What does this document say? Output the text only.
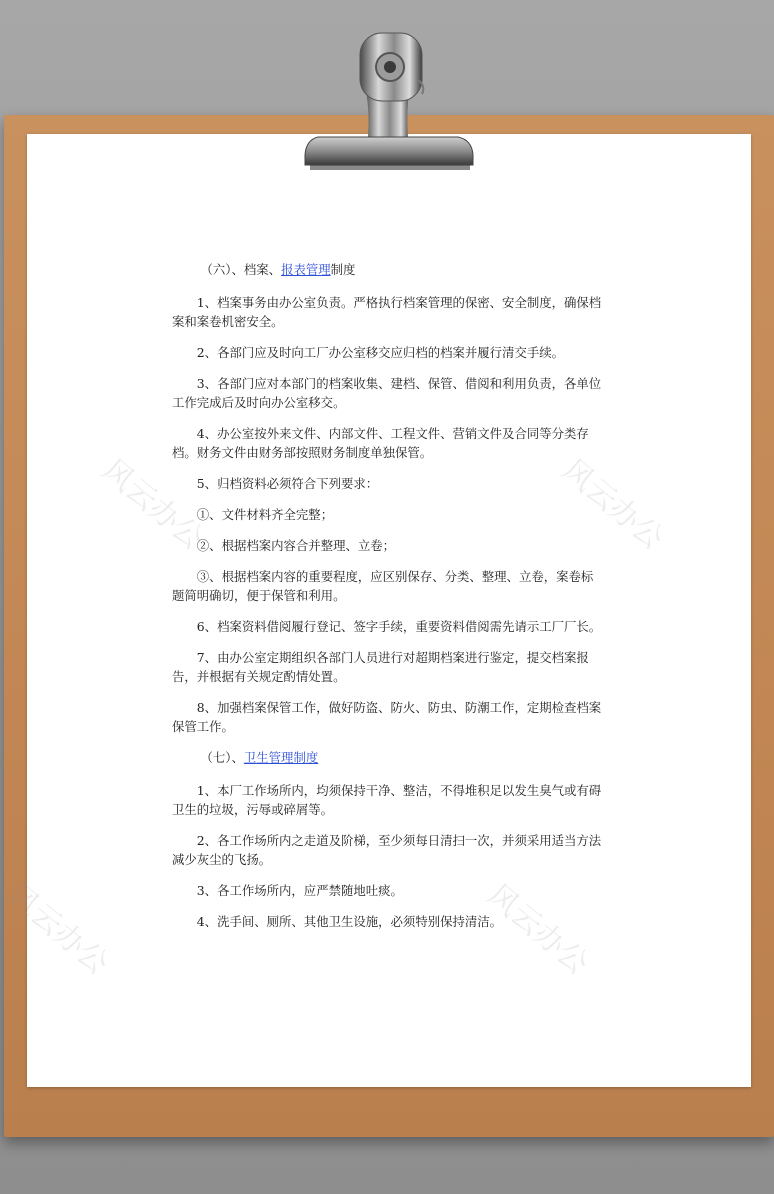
风云办公	风云办公
风云办公	风云办公

（六）、档案、报表管理制度

1、档案事务由办公室负责。严格执行档案管理的保密、安全制度，确保档案和案卷机密安全。

2、各部门应及时向工厂办公室移交应归档的档案并履行清交手续。

3、各部门应对本部门的档案收集、建档、保管、借阅和利用负责，各单位工作完成后及时向办公室移交。

4、办公室按外来文件、内部文件、工程文件、营销文件及合同等分类存档。财务文件由财务部按照财务制度单独保管。

5、归档资料必须符合下列要求：

①、文件材料齐全完整；

②、根据档案内容合并整理、立卷；

③、根据档案内容的重要程度，应区别保存、分类、整理、立卷，案卷标题简明确切，便于保管和利用。

6、档案资料借阅履行登记、签字手续，重要资料借阅需先请示工厂厂长。

7、由办公室定期组织各部门人员进行对超期档案进行鉴定，提交档案报告，并根据有关规定酌情处置。

8、加强档案保管工作，做好防盗、防火、防虫、防潮工作，定期检查档案保管工作。

（七）、卫生管理制度

1、本厂工作场所内，均须保持干净、整洁，不得堆积足以发生臭气或有碍卫生的垃圾，污辱或碎屑等。

2、各工作场所内之走道及阶梯，至少须每日清扫一次，并须采用适当方法减少灰尘的飞扬。

3、各工作场所内，应严禁随地吐痰。

4、洗手间、厕所、其他卫生设施，必须特别保持清洁。
